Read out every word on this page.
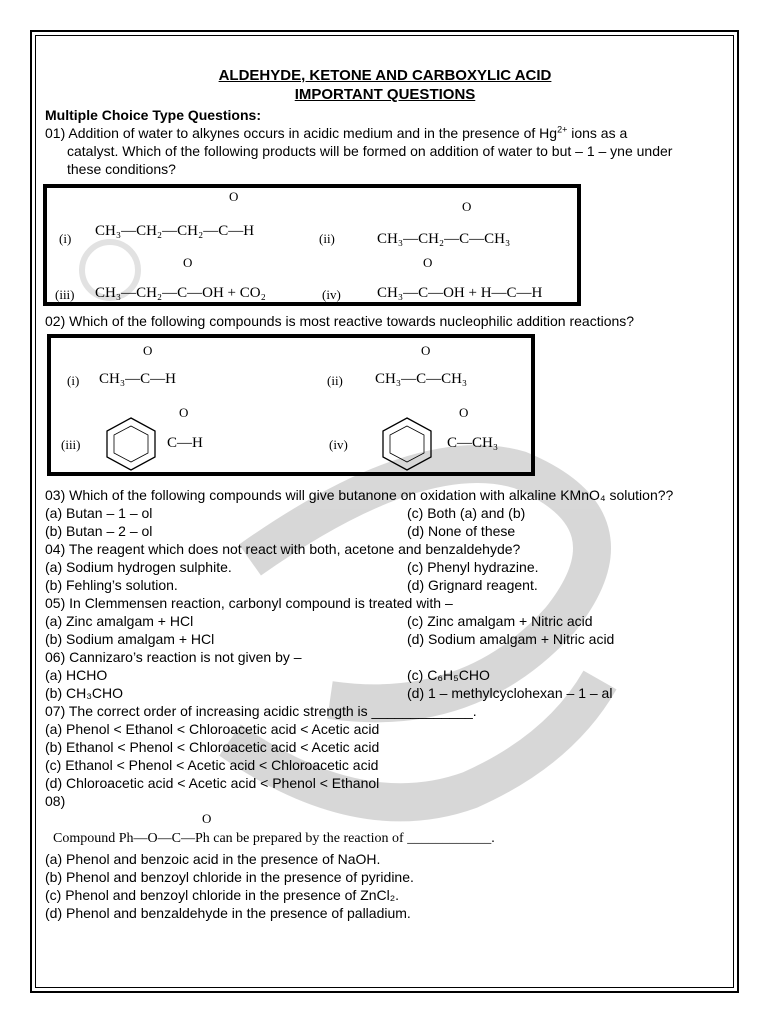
ALDEHYDE, KETONE AND CARBOXYLIC ACID
IMPORTANT QUESTIONS
Multiple Choice Type Questions:
01) Addition of water to alkynes occurs in acidic medium and in the presence of $Hg^{2+}$ ions as a
catalyst. Which of the following products will be formed on addition of water to but – 1 – yne under
these conditions?
(i)
O
CH₃—CH₂—CH₂—C—H	(ii)
O
CH₃—CH₂—C—CH₃
(iii)
O
CH₃—CH₂—C—OH + CO₂	(iv)
O
CH₃—C—OH + H—C—H
02) Which of the following compounds is most reactive towards nucleophilic addition reactions?
(i)
O
CH₃—C—H	(ii)
O
CH₃—C—CH₃
(iii)
O
C—H	(iv)
O
C—CH₃
03) Which of the following compounds will give butanone on oxidation with alkaline KMnO₄ solution??
(a) Butan – 1 – ol	(c) Both (a) and (b)
(b) Butan – 2 – ol	(d) None of these
04) The reagent which does not react with both, acetone and benzaldehyde?
(a) Sodium hydrogen sulphite.	(c) Phenyl hydrazine.
(b) Fehling’s solution.	(d) Grignard reagent.
05) In Clemmensen reaction, carbonyl compound is treated with –
(a) Zinc amalgam + HCl	(c) Zinc amalgam + Nitric acid
(b) Sodium amalgam + HCl	(d) Sodium amalgam + Nitric acid
06) Cannizaro’s reaction is not given by –
(a) HCHO	(c) C₆H₅CHO
(b) CH₃CHO	(d) 1 – methylcyclohexan – 1 – al
07) The correct order of increasing acidic strength is _____________.
(a) Phenol < Ethanol < Chloroacetic acid < Acetic acid
(b) Ethanol < Phenol < Chloroacetic acid < Acetic acid
(c) Ethanol < Phenol < Acetic acid < Chloroacetic acid
(d) Chloroacetic acid < Acetic acid < Phenol < Ethanol
08)
O
Compound Ph—O—C—Ph can be prepared by the reaction of ____________.
(a) Phenol and benzoic acid in the presence of NaOH.
(b) Phenol and benzoyl chloride in the presence of pyridine.
(c) Phenol and benzoyl chloride in the presence of ZnCl₂.
(d) Phenol and benzaldehyde in the presence of palladium.
